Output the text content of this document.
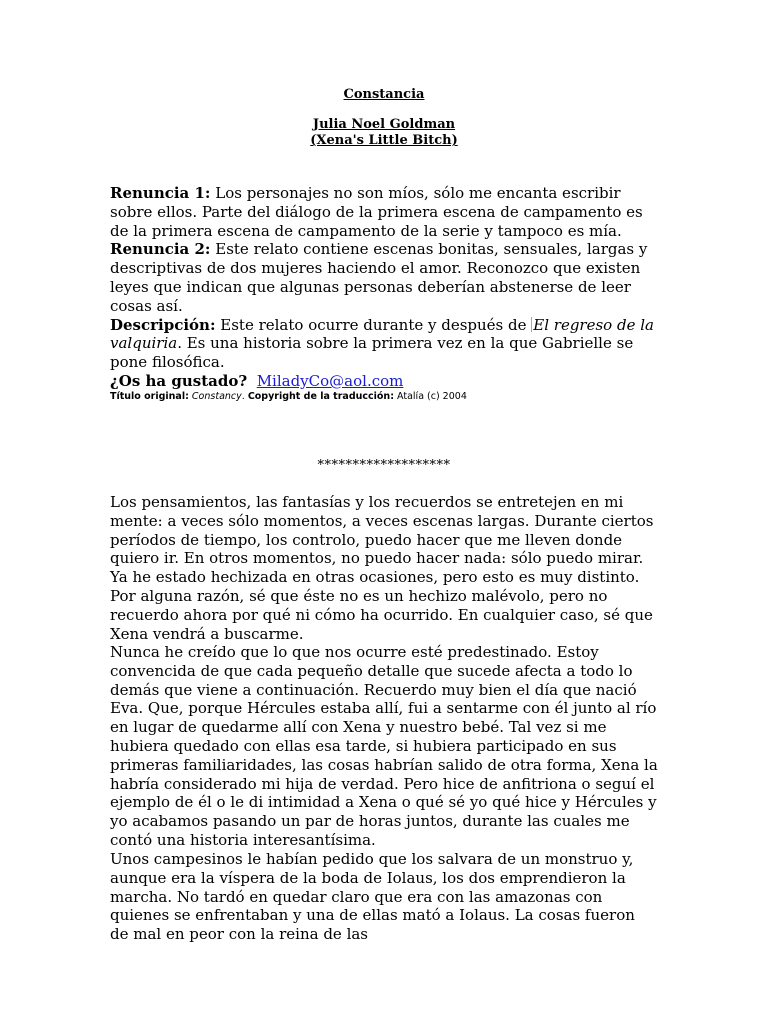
Constancia

Julia Noel Goldman

(Xena's Little Bitch)

Renuncia 1: Los personajes no son míos, sólo me encanta escribir sobre ellos. Parte del diálogo de la primera escena de campamento es de la primera escena de campamento de la serie y tampoco es mía.
Renuncia 2: Este relato contiene escenas bonitas, sensuales, largas y descriptivas de dos mujeres haciendo el amor. Reconozco que existen leyes que indican que algunas personas deberían abstenerse de leer cosas así.
Descripción: Este relato ocurre durante y después de El regreso de la valquiria. Es una historia sobre la primera vez en la que Gabrielle se pone filosófica.
¿Os ha gustado? MiladyCo@aol.com

Título original: Constancy. Copyright de la traducción: Atalía (c) 2004

*******************

Los pensamientos, las fantasías y los recuerdos se entretejen en mi mente: a veces sólo momentos, a veces escenas largas. Durante ciertos períodos de tiempo, los controlo, puedo hacer que me lleven donde quiero ir. En otros momentos, no puedo hacer nada: sólo puedo mirar. Ya he estado hechizada en otras ocasiones, pero esto es muy distinto. Por alguna razón, sé que éste no es un hechizo malévolo, pero no recuerdo ahora por qué ni cómo ha ocurrido. En cualquier caso, sé que Xena vendrá a buscarme.

Nunca he creído que lo que nos ocurre esté predestinado. Estoy convencida de que cada pequeño detalle que sucede afecta a todo lo demás que viene a continuación. Recuerdo muy bien el día que nació Eva. Que, porque Hércules estaba allí, fui a sentarme con él junto al río en lugar de quedarme allí con Xena y nuestro bebé. Tal vez si me hubiera quedado con ellas esa tarde, si hubiera participado en sus primeras familiaridades, las cosas habrían salido de otra forma, Xena la habría considerado mi hija de verdad. Pero hice de anfitriona o seguí el ejemplo de él o le di intimidad a Xena o qué sé yo qué hice y Hércules y yo acabamos pasando un par de horas juntos, durante las cuales me contó una historia interesantísima.

Unos campesinos le habían pedido que los salvara de un monstruo y, aunque era la víspera de la boda de Iolaus, los dos emprendieron la marcha. No tardó en quedar claro que era con las amazonas con quienes se enfrentaban y una de ellas mató a Iolaus. La cosas fueron de mal en peor con la reina de las
